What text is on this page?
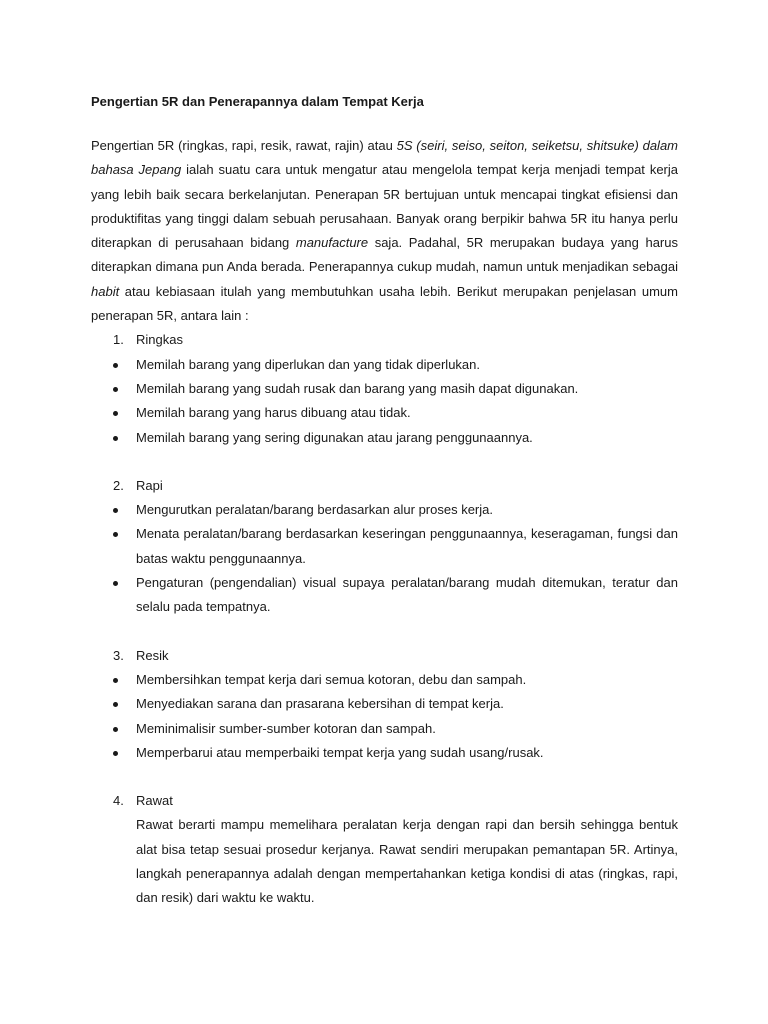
Pengertian 5R dan Penerapannya dalam Tempat Kerja

Pengertian 5R (ringkas, rapi, resik, rawat, rajin) atau 5S (seiri, seiso, seiton, seiketsu, shitsuke) dalam bahasa Jepang ialah suatu cara untuk mengatur atau mengelola tempat kerja menjadi tempat kerja yang lebih baik secara berkelanjutan. Penerapan 5R bertujuan untuk mencapai tingkat efisiensi dan produktifitas yang tinggi dalam sebuah perusahaan. Banyak orang berpikir bahwa 5R itu hanya perlu diterapkan di perusahaan bidang manufacture saja. Padahal, 5R merupakan budaya yang harus diterapkan dimana pun Anda berada. Penerapannya cukup mudah, namun untuk menjadikan sebagai habit atau kebiasaan itulah yang membutuhkan usaha lebih. Berikut merupakan penjelasan umum penerapan 5R, antara lain :

1. Ringkas

Memilah barang yang diperlukan dan yang tidak diperlukan.
Memilah barang yang sudah rusak dan barang yang masih dapat digunakan.
Memilah barang yang harus dibuang atau tidak.
Memilah barang yang sering digunakan atau jarang penggunaannya.

2. Rapi

Mengurutkan peralatan/barang berdasarkan alur proses kerja.
Menata peralatan/barang berdasarkan keseringan penggunaannya, keseragaman, fungsi dan batas waktu penggunaannya.
Pengaturan (pengendalian) visual supaya peralatan/barang mudah ditemukan, teratur dan selalu pada tempatnya.

3. Resik

Membersihkan tempat kerja dari semua kotoran, debu dan sampah.
Menyediakan sarana dan prasarana kebersihan di tempat kerja.
Meminimalisir sumber-sumber kotoran dan sampah.
Memperbarui atau memperbaiki tempat kerja yang sudah usang/rusak.

4. Rawat

Rawat berarti mampu memelihara peralatan kerja dengan rapi dan bersih sehingga bentuk alat bisa tetap sesuai prosedur kerjanya. Rawat sendiri merupakan pemantapan 5R. Artinya, langkah penerapannya adalah dengan mempertahankan ketiga kondisi di atas (ringkas, rapi, dan resik) dari waktu ke waktu.
